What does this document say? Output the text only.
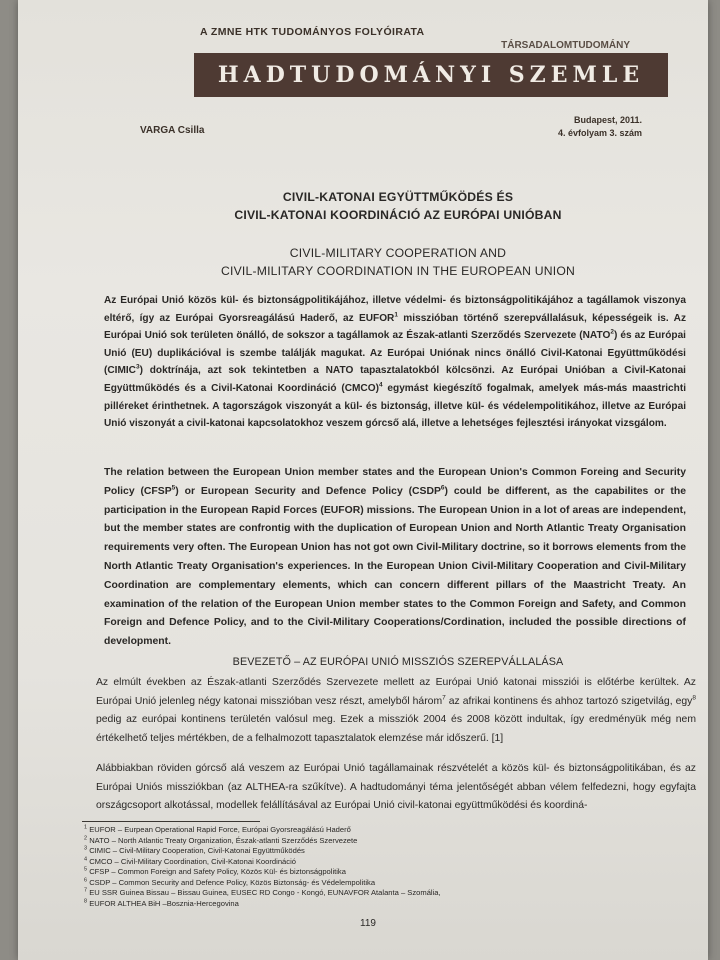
A ZMNE HTK TUDOMÁNYOS FOLYÓIRATA
TÁRSADALOMTUDOMÁNY
HADTUDOMÁNYI SZEMLE
VARGA Csilla
Budapest, 2011.
4. évfolyam 3. szám
CIVIL-KATONAI EGYÜTTMŰKÖDÉS ÉS
CIVIL-KATONAI KOORDINÁCIÓ AZ EURÓPAI UNIÓBAN
CIVIL-MILITARY COOPERATION AND
CIVIL-MILITARY COORDINATION IN THE EUROPEAN UNION

Az Európai Unió közös kül- és biztonságpolitikájához, illetve védelmi- és biztonságpolitikájához a tagállamok viszonya eltérő, így az Európai Gyorsreagálású Haderő, az EUFOR$^1$ misszióban történő szerepvállalásuk, képességeik is. Az Európai Unió sok területen önálló, de sokszor a tagállamok az Észak-atlanti Szerződés Szervezete (NATO$^2$) és az Európai Unió (EU) duplikációval is szembe találják magukat. Az Európai Uniónak nincs önálló Civil-Katonai Együttműködési (CIMIC$^3$) doktrínája, azt sok tekintetben a NATO tapasztalatokból kölcsönzi. Az Európai Unióban a Civil-Katonai Együttműködés és a Civil-Katonai Koordináció (CMCO)$^4$ egymást kiegészítő fogalmak, amelyek más-más maastrichti pilléreket érinthetnek. A tagországok viszonyát a kül- és biztonság, illetve kül- és védelempolitikához, illetve az Európai Unió viszonyát a civil-katonai kapcsolatokhoz veszem górcső alá, illetve a lehetséges fejlesztési irányokat vizsgálom.

The relation between the European Union member states and the European Union's Common Foreing and Security Policy (CFSP$^5$) or European Security and Defence Policy (CSDP$^6$) could be different, as the capabilites or the participation in the European Rapid Forces (EUFOR) missions. The European Union in a lot of areas are independent, but the member states are confrontig with the duplication of European Union and North Atlantic Treaty Organisation requirements very often. The European Union has not got own Civil-Military doctrine, so it borrows elements from the North Atlantic Treaty Organisation's experiences. In the European Union Civil-Military Cooperation and Civil-Military Coordination are complementary elements, which can concern different pillars of the Maastricht Treaty. An examination of the relation of the European Union member states to the Common Foreign and Safety, and Common Foreign and Defence Policy, and to the Civil-Military Cooperations/Cordination, included the possible directions of development.

BEVEZETŐ – AZ EURÓPAI UNIÓ MISSZIÓS SZEREPVÁLLALÁSA

Az elmúlt években az Észak-atlanti Szerződés Szervezete mellett az Európai Unió katonai missziói is előtérbe kerültek. Az Európai Unió jelenleg négy katonai misszióban vesz részt, amelyből három$^7$ az afrikai kontinens és ahhoz tartozó szigetvilág, egy$^8$ pedig az európai kontinens területén valósul meg. Ezek a missziók 2004 és 2008 között indultak, így eredményük még nem értékelhető teljes mértékben, de a felhalmozott tapasztalatok elemzése már időszerű. [1]

Alábbiakban röviden górcső alá veszem az Európai Unió tagállamainak részvételét a közös kül- és biztonságpolitikában, és az Európai Uniós missziókban (az ALTHEA-ra szűkítve). A hadtudományi téma jelentőségét abban vélem felfedezni, hogy egyfajta országcsoport alkotással, modellek felállításával az Európai Unió civil-katonai együttműködési és koordiná-

$^1$ EUFOR – Eurpean Operational Rapid Force, Európai Gyorsreagálású Haderő
$^2$ NATO – North Atlantic Treaty Organization, Észak-atlanti Szerződés Szervezete
$^3$ CIMIC – Civil-Military Cooperation, Civil-Katonai Együttműködés
$^4$ CMCO – Civil-Military Coordination, Civil-Katonai Koordináció
$^5$ CFSP – Common Foreign and Safety Policy, Közös Kül- és biztonságpolitika
$^6$ CSDP – Common Security and Defence Policy, Közös Biztonság- és Védelempolitika
$^7$ EU SSR Guinea Bissau – Bissau Guinea, EUSEC RD Congo - Kongó, EUNAVFOR Atalanta – Szomália,
$^8$ EUFOR ALTHEA BiH –Bosznia-Hercegovina
119
